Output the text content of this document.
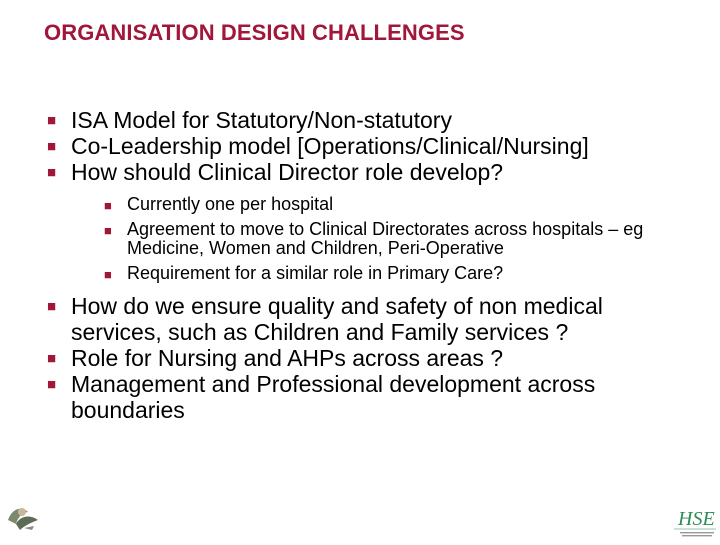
ORGANISATION DESIGN CHALLENGES
■ ISA Model for Statutory/Non-statutory
■ Co-Leadership model [Operations/Clinical/Nursing]
■ How should Clinical Director role develop?
■ Currently one per hospital
■ Agreement to move to Clinical Directorates across hospitals – eg Medicine, Women and Children, Peri-Operative
■ Requirement for a similar role in Primary Care?
■ How do we ensure quality and safety of non medical services, such as Children and Family services ?
■ Role for Nursing and AHPs across areas ?
■ Management and Professional development across boundaries
HSE
